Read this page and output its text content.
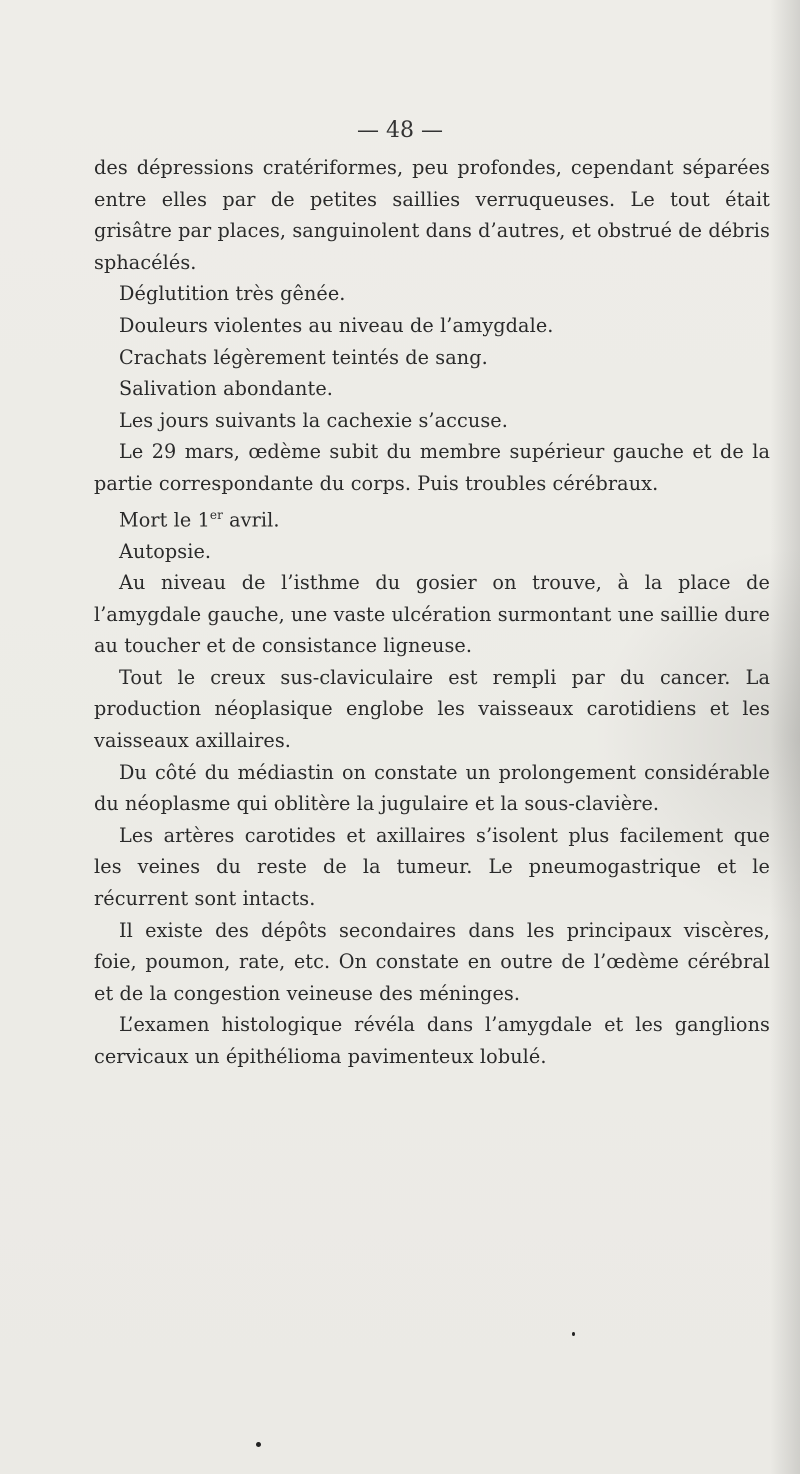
— 48 —

des dépressions cratériformes, peu profondes, cependant séparées entre elles par de petites saillies verruqueuses. Le tout était grisâtre par places, sanguinolent dans d’autres, et obstrué de débris sphacélés.

Déglutition très gênée.

Douleurs violentes au niveau de l’amygdale.

Crachats légèrement teintés de sang.

Salivation abondante.

Les jours suivants la cachexie s’accuse.

Le 29 mars, œdème subit du membre supérieur gauche et de la partie correspondante du corps. Puis troubles cérébraux.

Mort le 1er avril.

Autopsie.

Au niveau de l’isthme du gosier on trouve, à la place de l’amygdale gauche, une vaste ulcération surmontant une saillie dure au toucher et de consistance ligneuse.

Tout le creux sus-claviculaire est rempli par du cancer. La production néoplasique englobe les vaisseaux carotidiens et les vaisseaux axillaires.

Du côté du médiastin on constate un prolongement considérable du néoplasme qui oblitère la jugulaire et la sous-clavière.

Les artères carotides et axillaires s’isolent plus facilement que les veines du reste de la tumeur. Le pneumogastrique et le récurrent sont intacts.

Il existe des dépôts secondaires dans les principaux viscères, foie, poumon, rate, etc. On constate en outre de l’œdème cérébral et de la congestion veineuse des méninges.

L’examen histologique révéla dans l’amygdale et les ganglions cervicaux un épithélioma pavimenteux lobulé.
